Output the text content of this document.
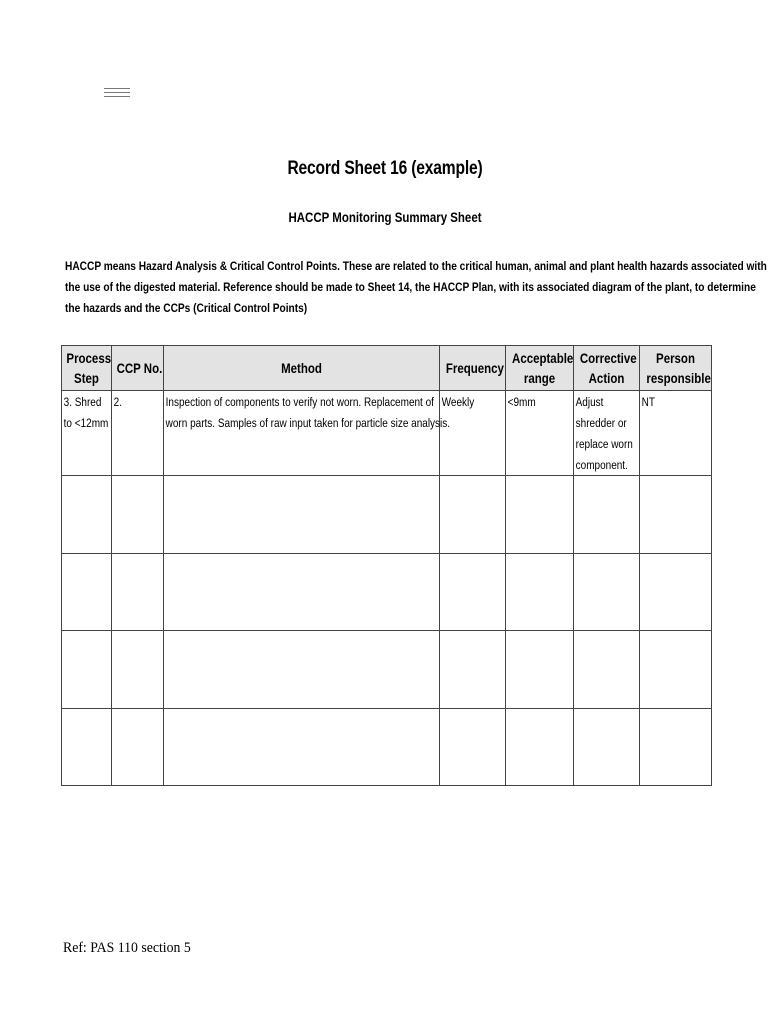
Record Sheet 16 (example)
HACCP Monitoring Summary Sheet
HACCP means Hazard Analysis & Critical Control Points. These are related to the critical human, animal and plant health hazards associated with
the use of the digested material. Reference should be made to Sheet 14, the HACCP Plan, with its associated diagram of the plant, to determine
the hazards and the CCPs (Critical Control Points)
Process
Step	CCP No.	Method	Frequency	Acceptable
range	Corrective
Action	Person
responsible

3. Shred
to <12mm	2.	Inspection of components to verify not worn. Replacement of
worn parts. Samples of raw input taken for particle size analysis.	Weekly	<9mm	Adjust
shredder or
replace worn
component.	NT

Ref: PAS 110 section 5
